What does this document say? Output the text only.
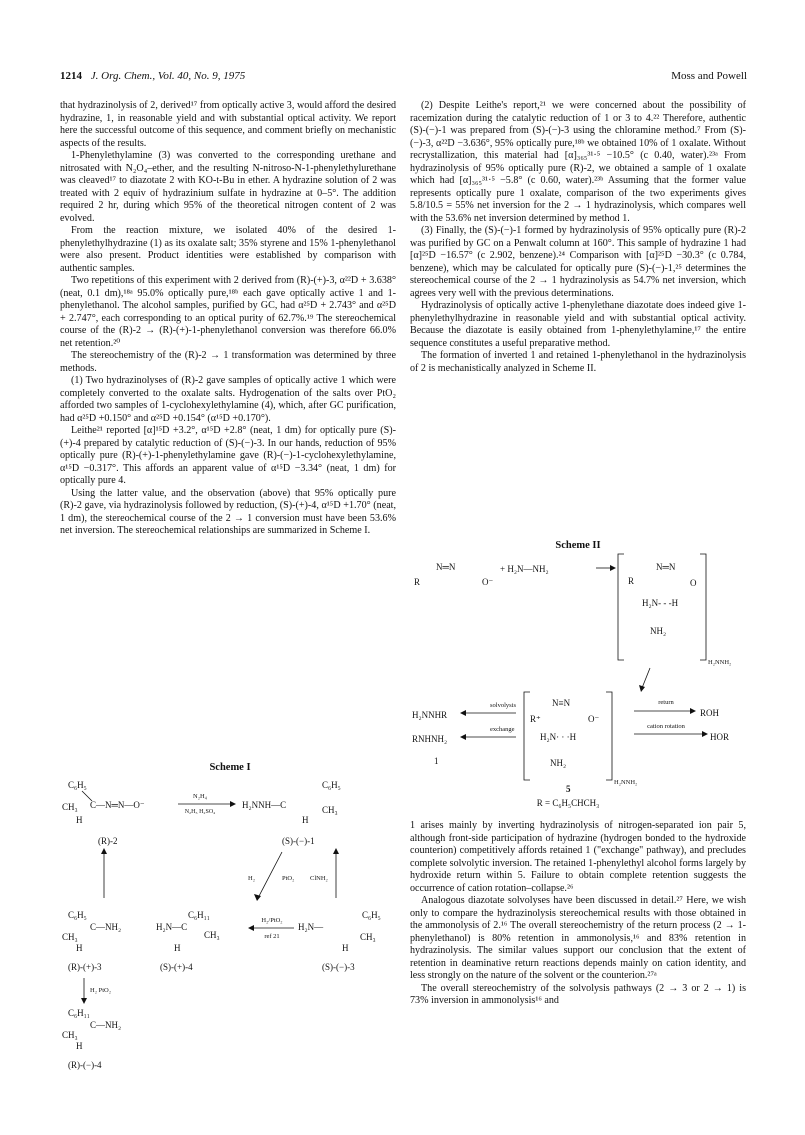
1214 J. Org. Chem., Vol. 40, No. 9, 1975	Moss and Powell

that hydrazinolysis of 2, derived¹⁷ from optically active 3, would afford the desired hydrazine, 1, in reasonable yield and with substantial optical activity. We report here the successful outcome of this sequence, and comment briefly on mechanistic aspects of the results.

1-Phenylethylamine (3) was converted to the corresponding urethane and nitrosated with N₂O₄–ether, and the resulting N-nitroso-N-1-phenylethylurethane was cleaved¹⁷ to diazotate 2 with KO-t-Bu in ether. A hydrazine solution of 2 was treated with 2 equiv of hydrazinium sulfate in hydrazine at 0–5°. The addition required 2 hr, during which 95% of the theoretical nitrogen content of 2 was evolved.

From the reaction mixture, we isolated 40% of the desired 1-phenylethylhydrazine (1) as its oxalate salt; 35% styrene and 15% 1-phenylethanol were also present. Product identities were established by comparison with authentic samples.

Two repetitions of this experiment with 2 derived from (R)-(+)-3, α²²D + 3.638° (neat, 0.1 dm),¹⁸ᵃ 95.0% optically pure,¹⁸ᵇ each gave optically active 1 and 1-phenylethanol. The alcohol samples, purified by GC, had α²⁵D + 2.743° and α²⁵D + 2.747°, each corresponding to an optical purity of 62.7%.¹⁹ The stereochemical course of the (R)-2 → (R)-(+)-1-phenylethanol conversion was therefore 66.0% net retention.²⁰

The stereochemistry of the (R)-2 → 1 transformation was determined by three methods.

(1) Two hydrazinolyses of (R)-2 gave samples of optically active 1 which were completely converted to the oxalate salts. Hydrogenation of the salts over PtO₂ afforded two samples of 1-cyclohexylethylamine (4), which, after GC purification, had α²⁵D +0.150° and α²⁵D +0.154° (α¹⁵D +0.170°).

Leithe²¹ reported [α]¹⁵D +3.2°, α¹⁵D +2.8° (neat, 1 dm) for optically pure (S)-(+)-4 prepared by catalytic reduction of (S)-(−)-3. In our hands, reduction of 95% optically pure (R)-(+)-1-phenylethylamine gave (R)-(−)-1-cyclohexylethylamine, α¹⁵D −0.317°. This affords an apparent value of α¹⁵D −3.34° (neat, 1 dm) for optically pure 4.

Using the latter value, and the observation (above) that 95% optically pure (R)-2 gave, via hydrazinolysis followed by reduction, (S)-(+)-4, α¹⁵D +1.70° (neat, 1 dm), the stereochemical course of the 2 → 1 conversion must have been 53.6% net inversion. The stereochemical relationships are summarized in Scheme I.

Scheme I
C₆H₅
CH₃ C—N═N—O⁻
H
(R)-2
N₂H₄
N₂H₅ H₂SO₄
H₂NNH—C
C₆H₅
CH₃
H
(S)-(−)-1
H₂	PtO₂ ClNH₂
C₆H₅
CH₃
C—NH₂
H
(R)-(+)-3
C₆H₁₁
H₂N—C
CH₃
H
(S)-(+)-4
H₂/PtO₂
ref 21
H₂N—
C₆H₅
CH₃
H
(S)-(−)-3
H₂ PtO₂
C₆H₁₁
CH₃
C—NH₂
H
(R)-(−)-4

(2) Despite Leithe's report,²¹ we were concerned about the possibility of racemization during the catalytic reduction of 1 or 3 to 4.²² Therefore, authentic (S)-(−)-1 was prepared from (S)-(−)-3 using the chloramine method.⁷ From (S)-(−)-3, α²²D −3.636°, 95% optically pure,¹⁸ᵇ we obtained 10% of 1 oxalate. Without recrystallization, this material had [α]₃₆₅³¹·⁵ −10.5° (c 0.40, water).²³ᵃ From hydrazinolysis of 95% optically pure (R)-2, we obtained a sample of 1 oxalate which had [α]₃₆₅³¹·⁵ −5.8° (c 0.60, water).²³ᵇ Assuming that the former value represents optically pure 1 oxalate, comparison of the two experiments gives 5.8/10.5 = 55% net inversion for the 2 → 1 hydrazinolysis, which compares well with the 53.6% net inversion determined by method 1.

(3) Finally, the (S)-(−)-1 formed by hydrazinolysis of 95% optically pure (R)-2 was purified by GC on a Penwalt column at 160°. This sample of hydrazine 1 had [α]²⁵D −16.57° (c 2.902, benzene).²⁴ Comparison with [α]²⁵D −30.3° (c 0.784, benzene), which may be calculated for optically pure (S)-(−)-1,²⁵ determines the stereochemical course of the 2 → 1 hydrazinolysis as 54.7% net inversion, which agrees very well with the previous determinations.

Hydrazinolysis of optically active 1-phenylethane diazotate does indeed give 1-phenylethylhydrazine in reasonable yield and with substantial optical activity. Because the diazotate is easily obtained from 1-phenylethylamine,¹⁷ the entire sequence constitutes a useful preparative method.

The formation of inverted 1 and retained 1-phenylethanol in the hydrazinolysis of 2 is mechanistically analyzed in Scheme II.

Scheme II
R
N═N
O⁻
+ H₂N—NH₂	N═N
R	O
H₂N- - -H
NH₂
H₂NNH₂
H₂NNHR
solvolysis
RNHNH₂
exchange
1
N≡N
R⁺	O⁻
H₂N· · ·H
NH₂
H₂NNH₂
return
ROH
cation rotation
HOR
5
R = C₆H₅CHCH₃

1 arises mainly by inverting hydrazinolysis of nitrogen-separated ion pair 5, although front-side participation of hydrazine (hydrogen bonded to the hydroxide counterion) competitively affords retained 1 ("exchange" pathway), and precludes complete solvolytic inversion. The retained 1-phenylethyl alcohol forms largely by hydroxide return within 5. Failure to obtain complete retention suggests the occurrence of cation rotation–collapse.²⁶

Analogous diazotate solvolyses have been discussed in detail.²⁷ Here, we wish only to compare the hydrazinolysis stereochemical results with those obtained in the ammonolysis of 2.¹⁶ The overall stereochemistry of the return process (2 → 1-phenylethanol) is 80% retention in ammonolysis,¹⁶ and 83% retention in hydrazinolysis. The similar values support our conclusion that the extent of retention in deaminative return reactions depends mainly on cation identity, and less strongly on the nature of the solvent or the counterion.²⁷ᵃ

The overall stereochemistry of the solvolysis pathways (2 → 3 or 2 → 1) is 73% inversion in ammonolysis¹⁶ and
